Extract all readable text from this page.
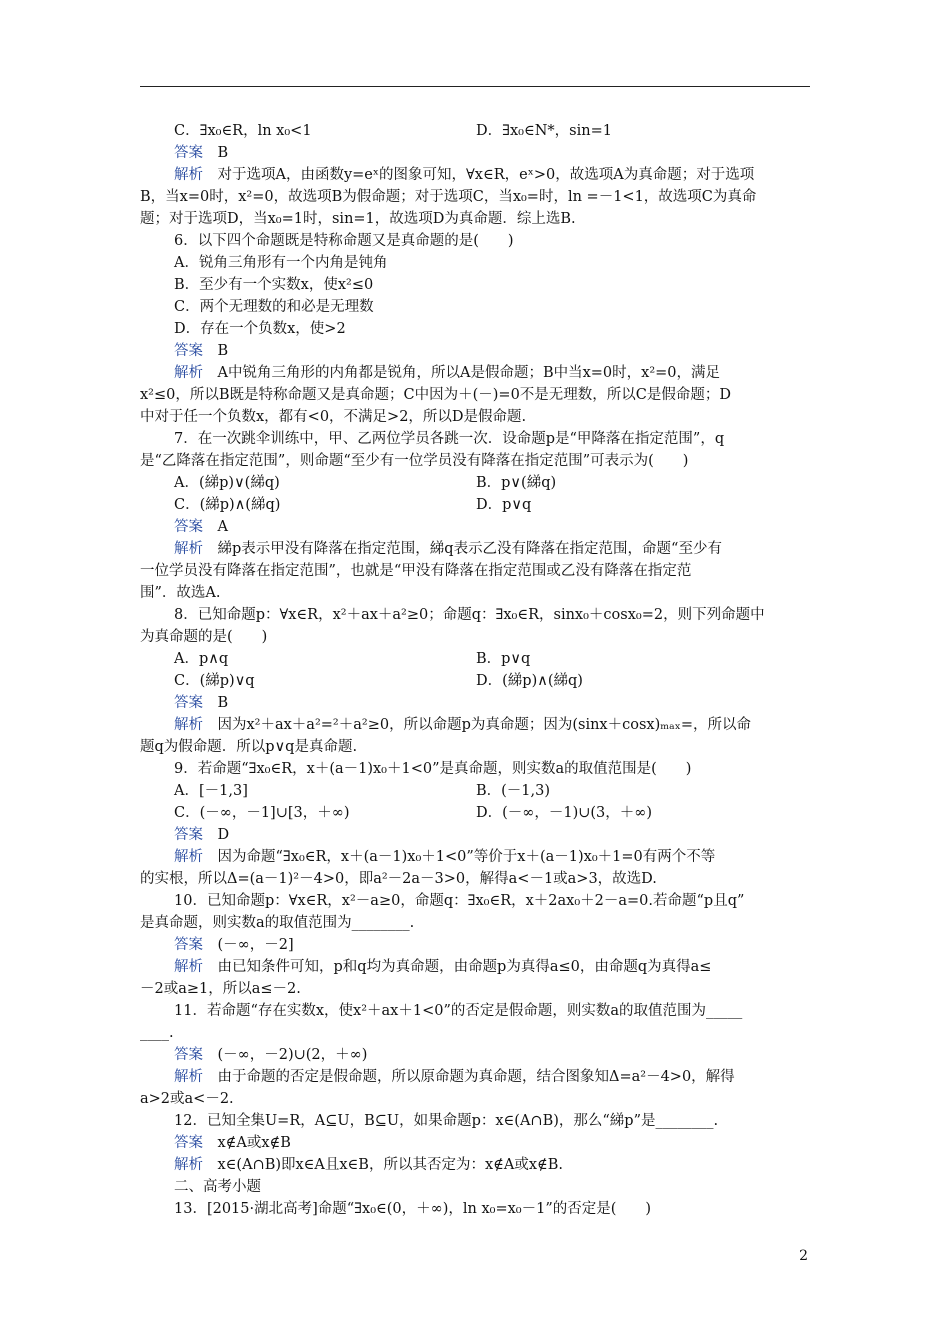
C．∃x₀∈R，ln x₀<1	D．∃x₀∈N*，sin=1
答案　 B
解析　 对于选项A，由函数y=eˣ的图象可知，∀x∈R，eˣ>0，故选项A为真命题；对于选项
B，当x=0时，x²=0，故选项B为假命题；对于选项C，当x₀=时，ln =－1<1，故选项C为真命
题；对于选项D，当x₀=1时，sin=1，故选项D为真命题．综上选B.
6．以下四个命题既是特称命题又是真命题的是(　　)
A．锐角三角形有一个内角是钝角
B．至少有一个实数x，使x²≤0
C．两个无理数的和必是无理数
D．存在一个负数x，使>2
答案　 B
解析　 A中锐角三角形的内角都是锐角，所以A是假命题；B中当x=0时，x²=0，满足
x²≤0，所以B既是特称命题又是真命题；C中因为＋(－)=0不是无理数，所以C是假命题；D
中对于任一个负数x，都有<0，不满足>2，所以D是假命题.
7．在一次跳伞训练中，甲、乙两位学员各跳一次．设命题p是“甲降落在指定范围”，q
是“乙降落在指定范围”，则命题“至少有一位学员没有降落在指定范围”可表示为(　　)
A．(綈p)∨(綈q)	B．p∨(綈q)
C．(綈p)∧(綈q)	D．p∨q
答案　 A
解析　 綈p表示甲没有降落在指定范围，綈q表示乙没有降落在指定范围，命题“至少有
一位学员没有降落在指定范围”，也就是“甲没有降落在指定范围或乙没有降落在指定范
围”．故选A.
8．已知命题p：∀x∈R，x²＋ax＋a²≥0；命题q：∃x₀∈R，sinx₀＋cosx₀=2，则下列命题中
为真命题的是(　　)
A．p∧q	B．p∨q
C．(綈p)∨q	D．(綈p)∧(綈q)
答案　 B
解析　 因为x²＋ax＋a²=²＋a²≥0，所以命题p为真命题；因为(sinx＋cosx)ₘₐₓ=，所以命
题q为假命题．所以p∨q是真命题.
9．若命题“∃x₀∈R，x＋(a－1)x₀＋1<0”是真命题，则实数a的取值范围是(　　)
A．[－1,3]	B．(－1,3)
C．(－∞，－1]∪[3，＋∞)	D．(－∞，－1)∪(3，＋∞)
答案　 D
解析　 因为命题“∃x₀∈R，x＋(a－1)x₀＋1<0”等价于x＋(a－1)x₀＋1=0有两个不等
的实根，所以Δ=(a－1)²－4>0，即a²－2a－3>0，解得a<－1或a>3，故选D.
10．已知命题p：∀x∈R，x²－a≥0，命题q：∃x₀∈R，x＋2ax₀＋2－a=0.若命题“p且q”
是真命题，则实数a的取值范围为________.
答案　 (－∞，－2]
解析　 由已知条件可知，p和q均为真命题，由命题p为真得a≤0，由命题q为真得a≤
－2或a≥1，所以a≤－2.
11．若命题“存在实数x，使x²＋ax＋1<0”的否定是假命题，则实数a的取值范围为_____
____.
答案　 (－∞，－2)∪(2，＋∞)
解析　 由于命题的否定是假命题，所以原命题为真命题，结合图象知Δ=a²－4>0，解得
a>2或a<－2.
12．已知全集U=R，A⊆U，B⊆U，如果命题p：x∈(A∩B)，那么“綈p”是________.
答案　 x∉A或x∉B
解析　 x∈(A∩B)即x∈A且x∈B，所以其否定为：x∉A或x∉B.
二、高考小题
13．[2015·湖北高考]命题“∃x₀∈(0，＋∞)，ln x₀=x₀－1”的否定是(　　)
2
